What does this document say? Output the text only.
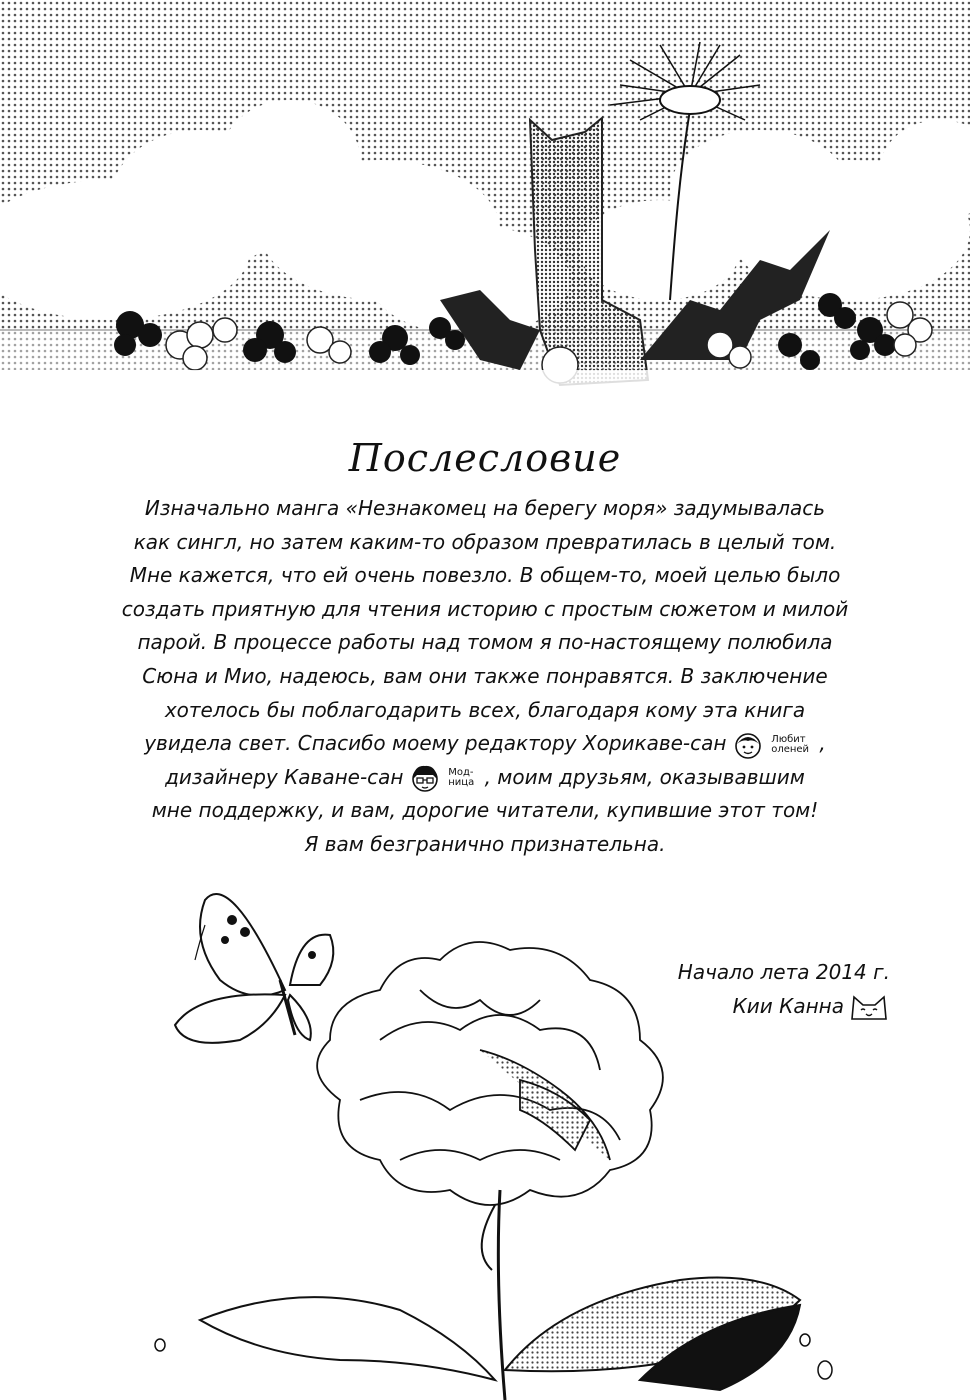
Послесловие
Изначально манга «Незнакомец на берегу моря» задумывалась
как сингл, но затем каким-то образом превратилась в целый том.
Мне кажется, что ей очень повезло. В общем-то, моей целью было
создать приятную для чтения историю с простым сюжетом и милой
парой. В процессе работы над томом я по-настоящему полюбила
Сюна и Мио, надеюсь, вам они также понравятся. В заключение
хотелось бы поблагодарить всех, благодаря кому эта книга
увидела свет. Спасибо моему редактору Хорикаве-сан	Любит
оленей ,
дизайнеру Каване-сан	Мод-
ница , моим друзьям, оказывавшим
мне поддержку, и вам, дорогие читатели, купившие этот том!
Я вам безгранично признательна.
Начало лета 2014 г.
Кии Канна
